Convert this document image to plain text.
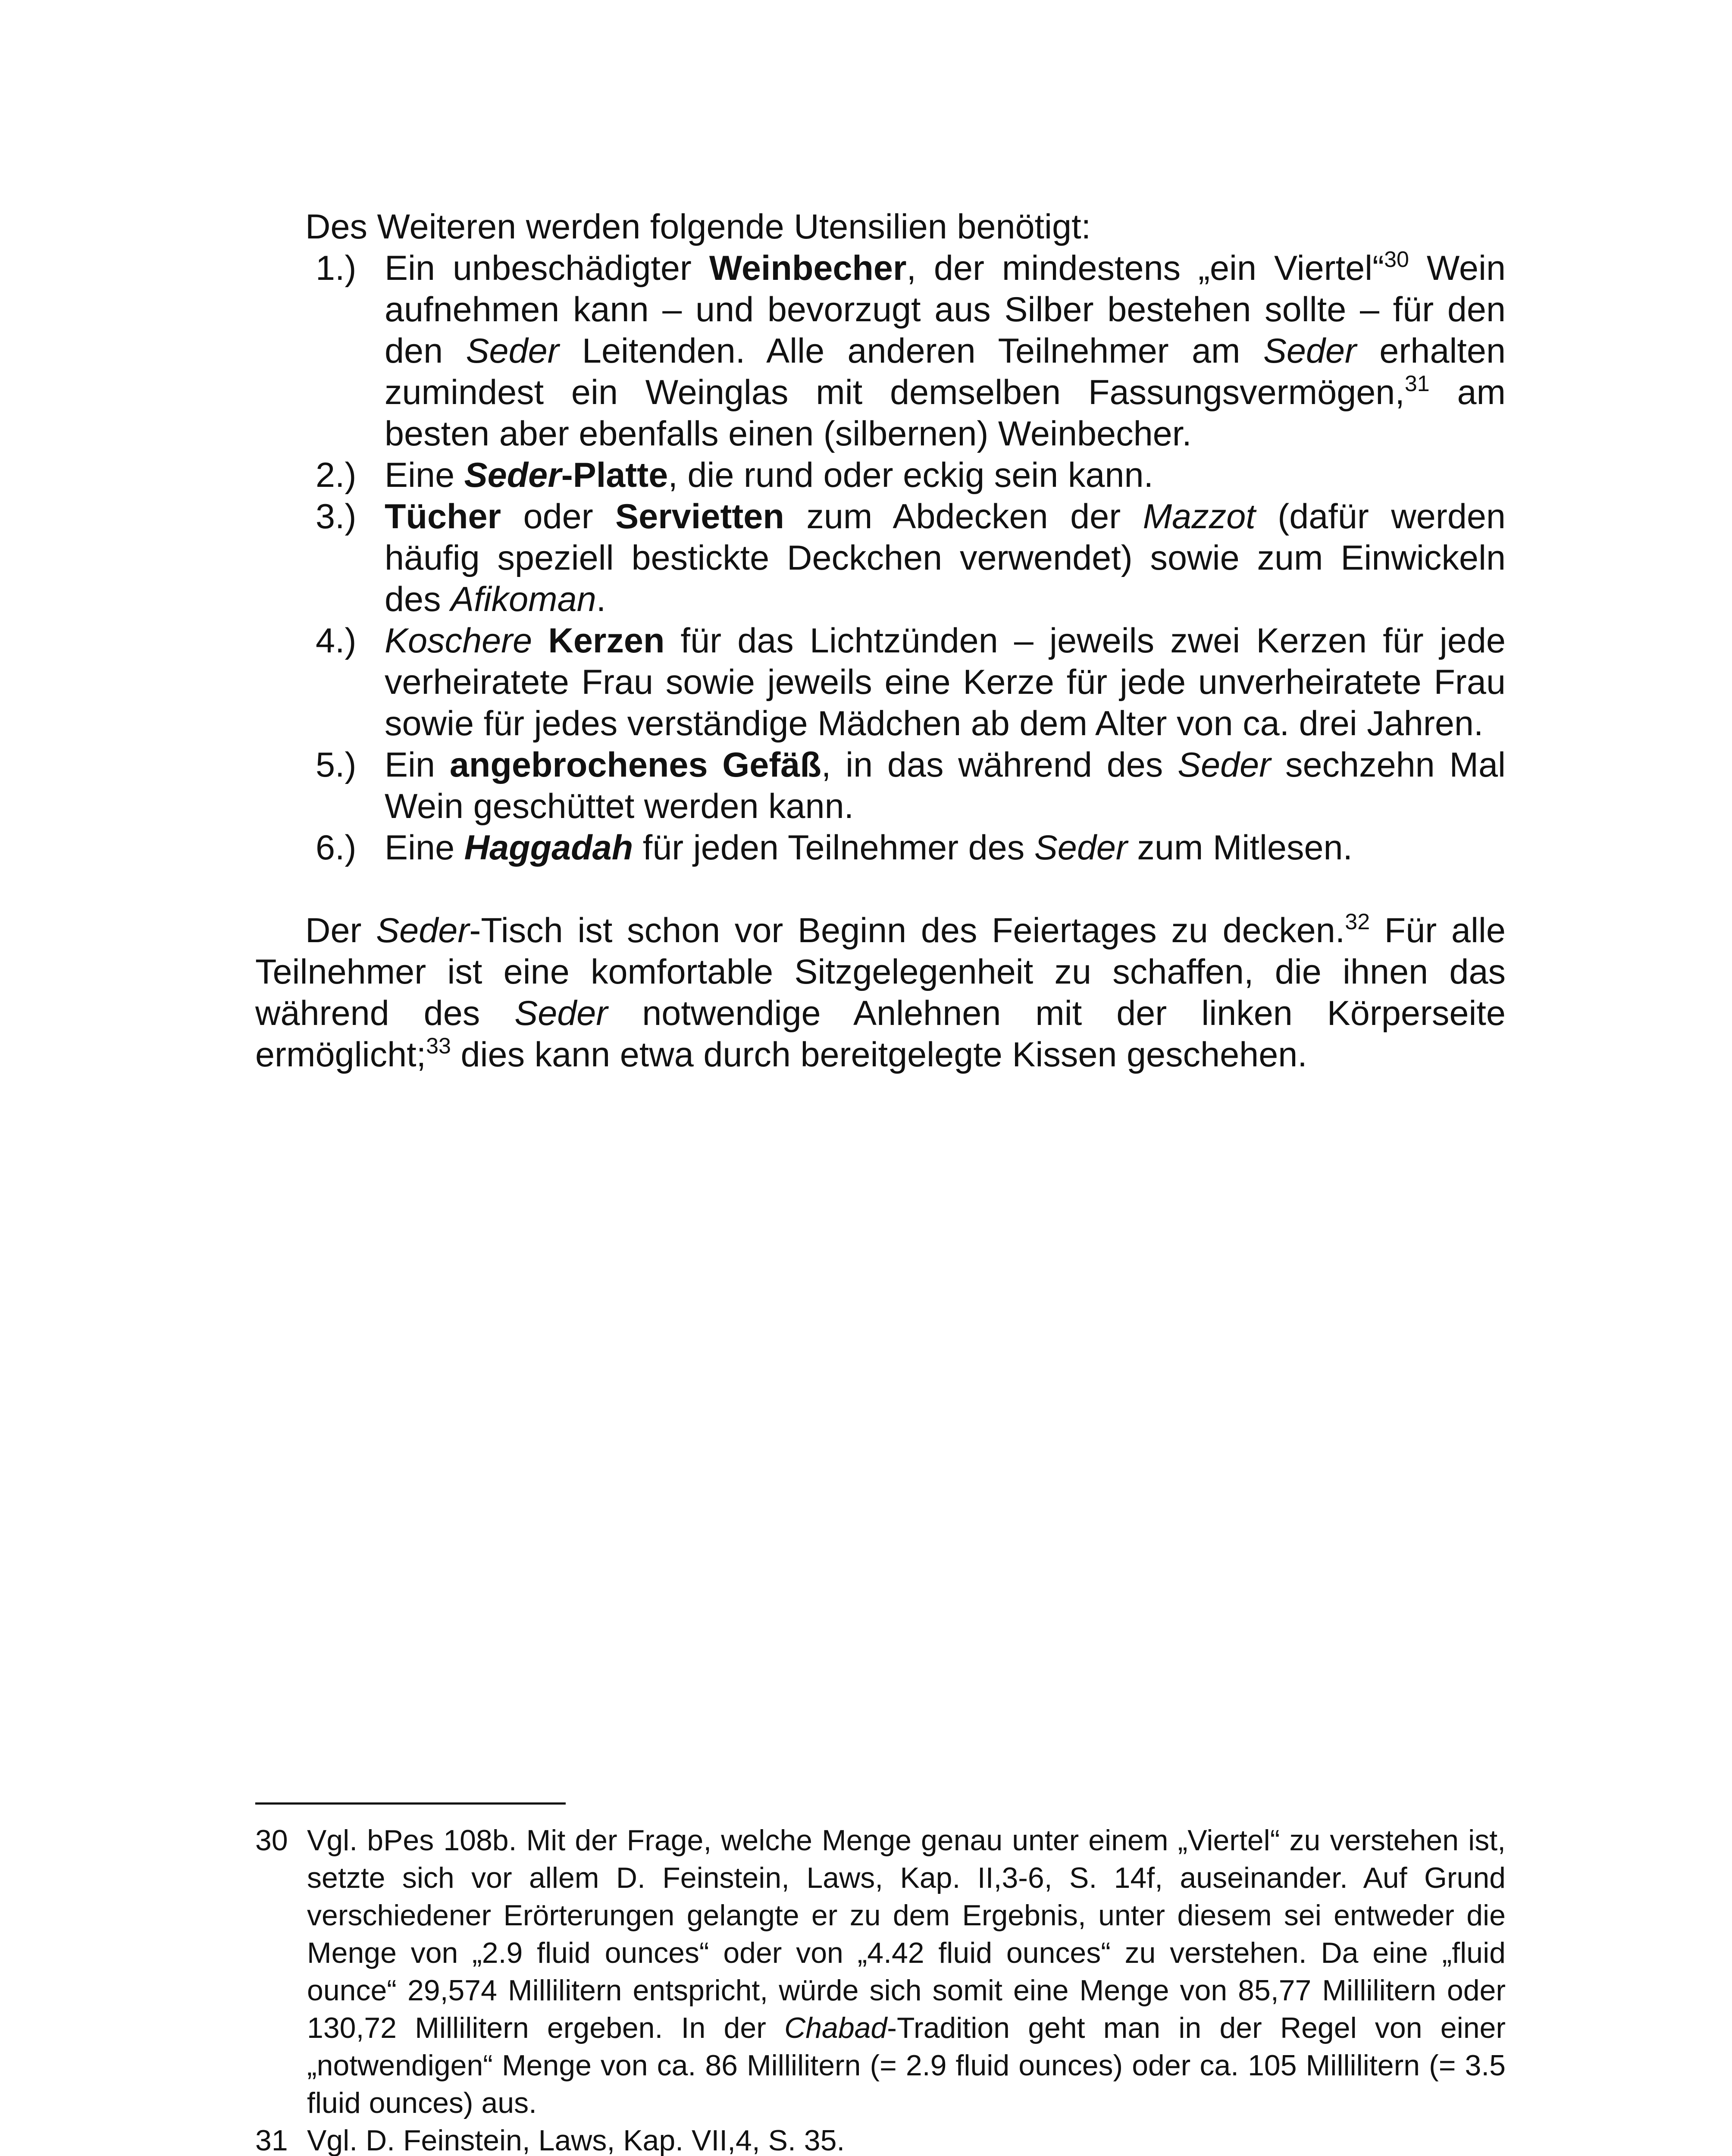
Des Weiteren werden folgende Utensilien benötigt:

1.) Ein unbeschädigter Weinbecher, der mindestens „ein Viertel“$^{30}$ Wein aufnehmen kann – und bevorzugt aus Silber bestehen sollte – für den den Seder Leitenden. Alle anderen Teilnehmer am Seder erhalten zumindest ein Weinglas mit demselben Fassungsvermögen,$^{31}$ am besten aber ebenfalls einen (silbernen) Weinbecher.
2.) Eine Seder-Platte, die rund oder eckig sein kann.
3.) Tücher oder Servietten zum Abdecken der Mazzot (dafür werden häufig speziell bestickte Deckchen verwendet) sowie zum Einwickeln des Afikoman.
4.) Koschere Kerzen für das Lichtzünden – jeweils zwei Kerzen für jede verheiratete Frau sowie jeweils eine Kerze für jede unverheiratete Frau sowie für jedes verständige Mädchen ab dem Alter von ca. drei Jahren.
5.) Ein angebrochenes Gefäß, in das während des Seder sechzehn Mal Wein geschüttet werden kann.
6.) Eine Haggadah für jeden Teilnehmer des Seder zum Mitlesen.

Der Seder-Tisch ist schon vor Beginn des Feiertages zu decken.$^{32}$ Für alle Teilnehmer ist eine komfortable Sitzgelegenheit zu schaffen, die ihnen das während des Seder notwendige Anlehnen mit der linken Körperseite ermöglicht;$^{33}$ dies kann etwa durch bereitgelegte Kissen geschehen.

30 Vgl. bPes 108b. Mit der Frage, welche Menge genau unter einem „Viertel“ zu verstehen ist, setzte sich vor allem D. Feinstein, Laws, Kap. II,3-6, S. 14f, auseinander. Auf Grund verschiedener Erörterungen gelangte er zu dem Ergebnis, unter diesem sei entweder die Menge von „2.9 fluid ounces“ oder von „4.42 fluid ounces“ zu verstehen. Da eine „fluid ounce“ 29,574 Millilitern entspricht, würde sich somit eine Menge von 85,77 Millilitern oder 130,72 Millilitern ergeben. In der Chabad-Tradition geht man in der Regel von einer „notwendigen“ Menge von ca. 86 Millilitern (= 2.9 fluid ounces) oder ca. 105 Millilitern (= 3.5 fluid ounces) aus.
31 Vgl. D. Feinstein, Laws, Kap. VII,4, S. 35.
